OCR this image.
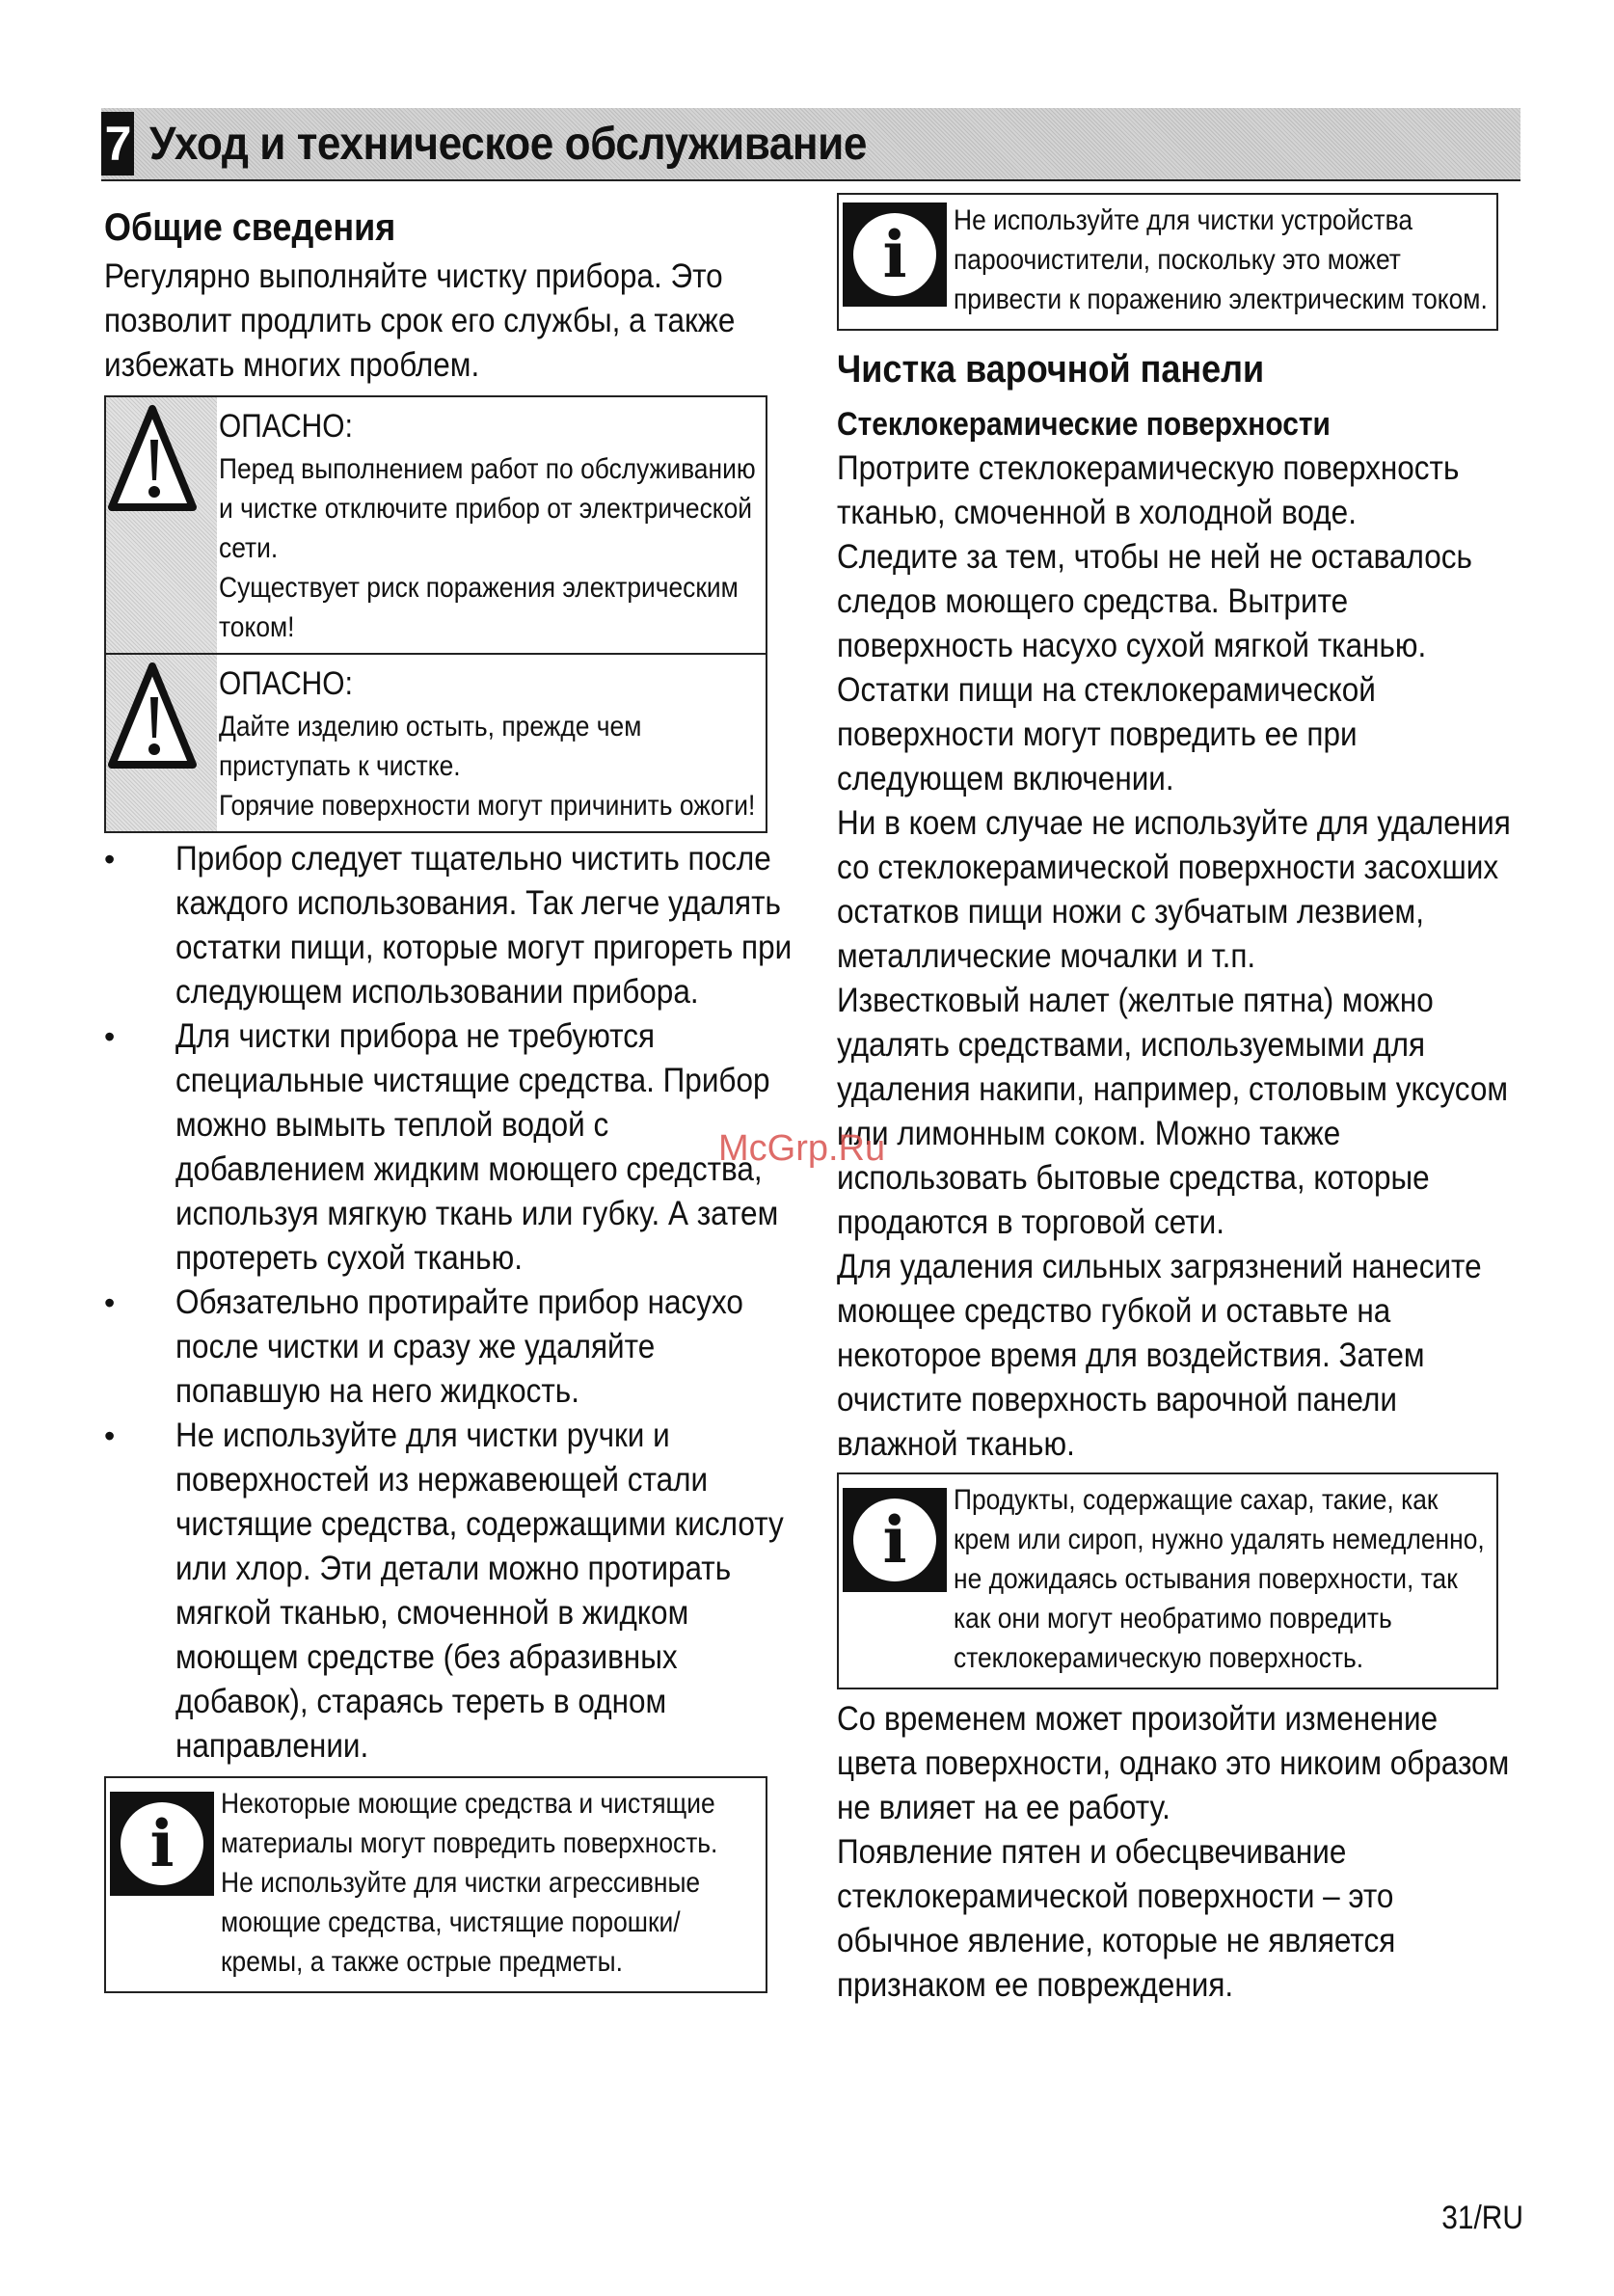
7 Уход и техническое обслуживание
Общие сведения
Регулярно выполняйте чистку прибора. Это позволит продлить срок его службы, а также избежать многих проблем.
ОПАСНО:
Перед выполнением работ по обслуживанию и чистке отключите прибор от электрической сети.
Существует риск поражения электрическим током!
ОПАСНО:
Дайте изделию остыть, прежде чем приступать к чистке.
Горячие поверхности могут причинить ожоги!
• Прибор следует тщательно чистить после каждого использования. Так легче удалять остатки пищи, которые могут пригореть при следующем использовании прибора.
• Для чистки прибора не требуются специальные чистящие средства. Прибор можно вымыть теплой водой с добавлением жидким моющего средства, используя мягкую ткань или губку. А затем протереть сухой тканью.
• Обязательно протирайте прибор насухо после чистки и сразу же удаляйте попавшую на него жидкость.
• Не используйте для чистки ручки и поверхностей из нержавеющей стали чистящие средства, содержащими кислоту или хлор. Эти детали можно протирать мягкой тканью, смоченной в жидком моющем средстве (без абразивных добавок), стараясь тереть в одном направлении.
i
Некоторые моющие средства и чистящие материалы могут повредить поверхность.
Не используйте для чистки агрессивные моющие средства, чистящие порошки/кремы, а также острые предметы.
i	Не используйте для чистки устройства пароочистители, поскольку это может привести к поражению электрическим током.
Чистка варочной панели
Стеклокерамические поверхности
Протрите стеклокерамическую поверхность тканью, смоченной в холодной воде.
Следите за тем, чтобы не ней не оставалось следов моющего средства. Вытрите поверхность насухо сухой мягкой тканью.
Остатки пищи на стеклокерамической поверхности могут повредить ее при следующем включении.
Ни в коем случае не используйте для удаления со стеклокерамической поверхности засохших остатков пищи ножи с зубчатым лезвием, металлические мочалки и т.п.
Известковый налет (желтые пятна) можно удалять средствами, используемыми для удаления накипи, например, столовым уксусом или лимонным соком. Можно также использовать бытовые средства, которые продаются в торговой сети.
Для удаления сильных загрязнений нанесите моющее средство губкой и оставьте на некоторое время для воздействия. Затем очистите поверхность варочной панели влажной тканью.
i
Продукты, содержащие сахар, такие, как крем или сироп, нужно удалять немедленно, не дожидаясь остывания поверхности, так как они могут необратимо повредить стеклокерамическую поверхность.
Со временем может произойти изменение цвета поверхности, однако это никоим образом не влияет на ее работу.
Появление пятен и обесцвечивание стеклокерамической поверхности – это обычное явление, которые не является признаком ее повреждения.
McGrp.Ru
31/RU
